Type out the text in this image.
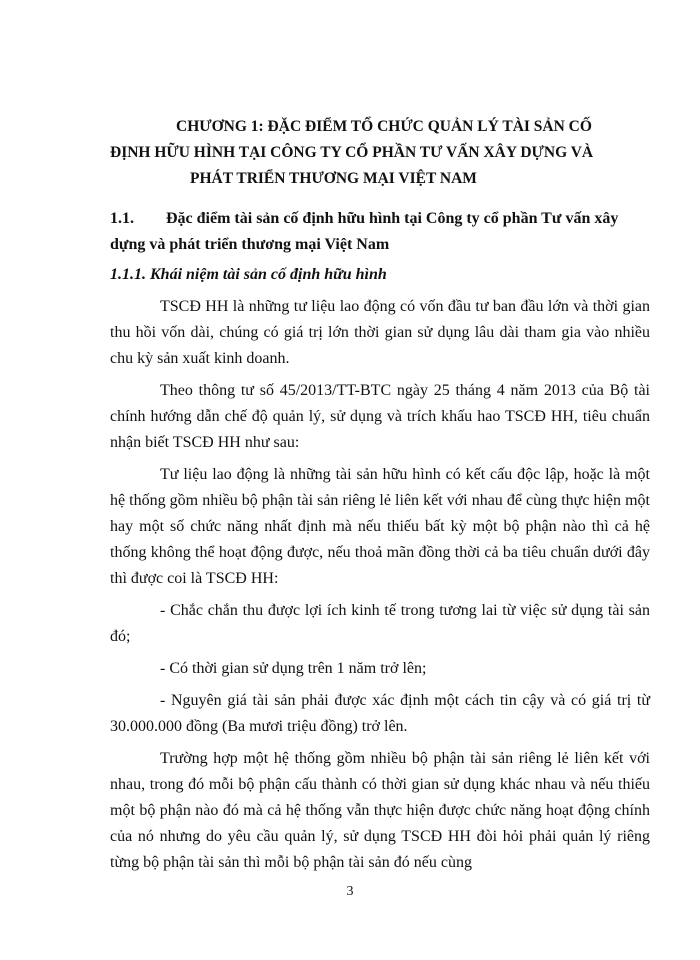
CHƯƠNG 1: ĐẶC ĐIỂM TỔ CHỨC QUẢN LÝ TÀI SẢN CỐ
ĐỊNH HỮU HÌNH TẠI CÔNG TY CỔ PHẦN TƯ VẤN XÂY DỰNG VÀ
PHÁT TRIỂN THƯƠNG MẠI VIỆT NAM
1.1.	Đặc điểm tài sản cố định hữu hình tại Công ty cổ phần Tư vấn xây
dựng và phát triển thương mại Việt Nam
1.1.1. Khái niệm tài sản cố định hữu hình

TSCĐ HH là những tư liệu lao động có vốn đầu tư ban đầu lớn và thời gian thu hồi vốn dài, chúng có giá trị lớn thời gian sử dụng lâu dài tham gia vào nhiều chu kỳ sản xuất kinh doanh.

Theo thông tư số 45/2013/TT-BTC ngày 25 tháng 4 năm 2013 của Bộ tài chính hướng dẫn chế độ quản lý, sử dụng và trích khấu hao TSCĐ HH, tiêu chuẩn nhận biết TSCĐ HH như sau:

Tư liệu lao động là những tài sản hữu hình có kết cấu độc lập, hoặc là một hệ thống gồm nhiều bộ phận tài sản riêng lẻ liên kết với nhau để cùng thực hiện một hay một số chức năng nhất định mà nếu thiếu bất kỳ một bộ phận nào thì cả hệ thống không thể hoạt động được, nếu thoả mãn đồng thời cả ba tiêu chuẩn dưới đây thì được coi là TSCĐ HH:

- Chắc chắn thu được lợi ích kinh tế trong tương lai từ việc sử dụng tài sản đó;

- Có thời gian sử dụng trên 1 năm trở lên;

- Nguyên giá tài sản phải được xác định một cách tin cậy và có giá trị từ 30.000.000 đồng (Ba mươi triệu đồng) trở lên.

Trường hợp một hệ thống gồm nhiều bộ phận tài sản riêng lẻ liên kết với nhau, trong đó mỗi bộ phận cấu thành có thời gian sử dụng khác nhau và nếu thiếu một bộ phận nào đó mà cả hệ thống vẫn thực hiện được chức năng hoạt động chính của nó nhưng do yêu cầu quản lý, sử dụng TSCĐ HH đòi hỏi phải quản lý riêng từng bộ phận tài sản thì mỗi bộ phận tài sản đó nếu cùng

3
